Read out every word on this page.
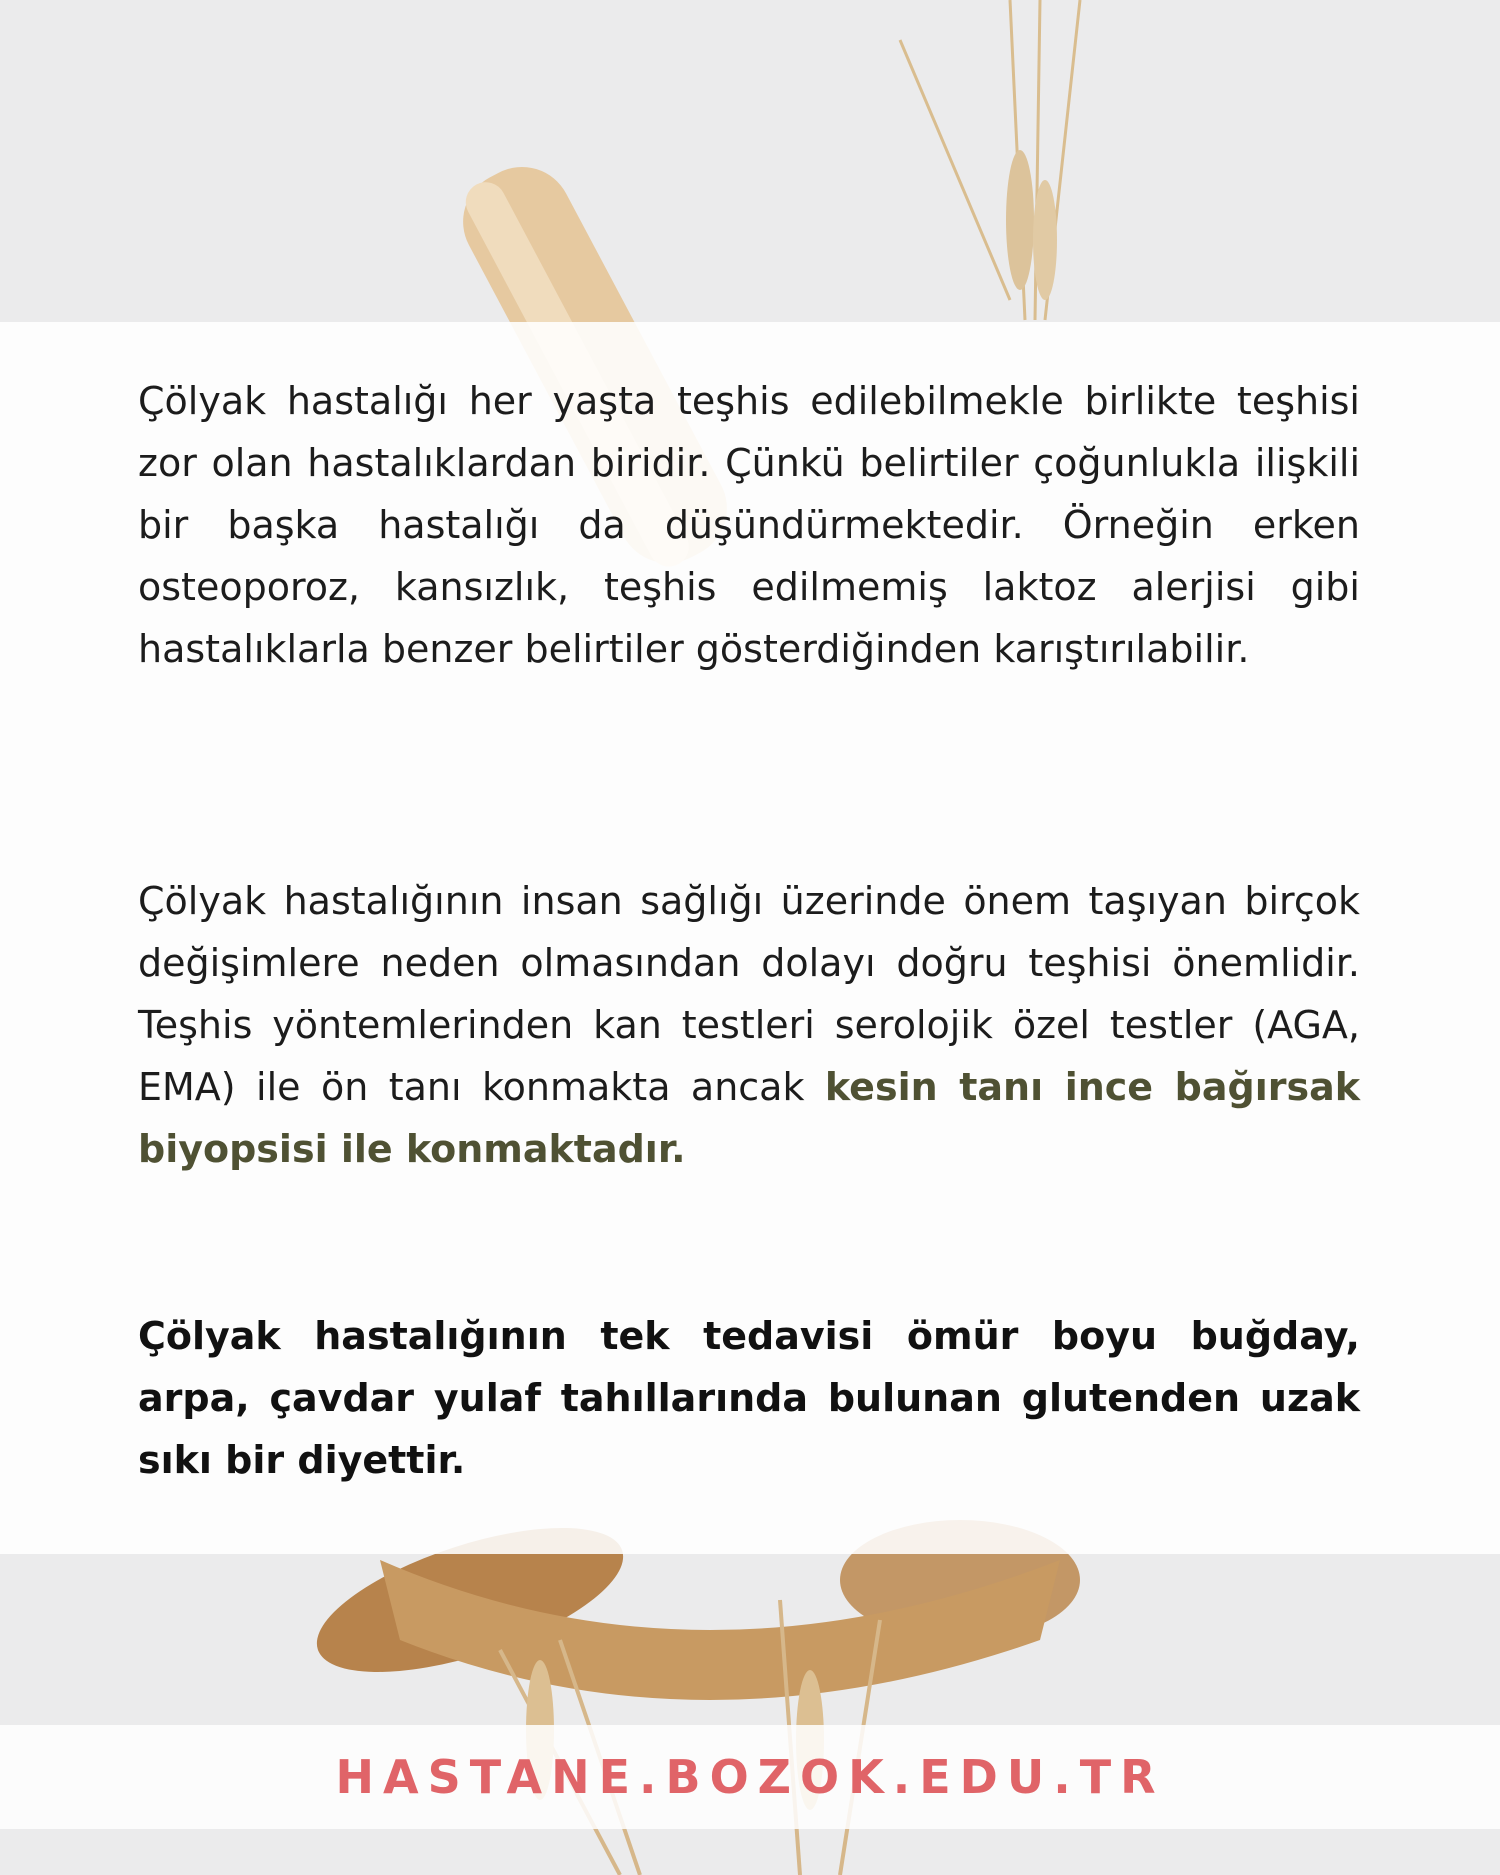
Çölyak hastalığı her yaşta teşhis edilebilmekle birlikte teşhisi zor olan hastalıklardan biridir. Çünkü belirtiler çoğunlukla ilişkili bir başka hastalığı da düşündürmektedir. Örneğin erken osteoporoz, kansızlık, teşhis edilmemiş laktoz alerjisi gibi hastalıklarla benzer belirtiler gösterdiğinden karıştırılabilir.

Çölyak hastalığının insan sağlığı üzerinde önem taşıyan birçok değişimlere neden olmasından dolayı doğru teşhisi önemlidir. Teşhis yöntemlerinden kan testleri serolojik özel testler (AGA, EMA) ile ön tanı konmakta ancak kesin tanı ince bağırsak biyopsisi ile konmaktadır.

Çölyak hastalığının tek tedavisi ömür boyu buğday, arpa, çavdar yulaf tahıllarında bulunan glutenden uzak sıkı bir diyettir.

HASTANE.BOZOK.EDU.TR
